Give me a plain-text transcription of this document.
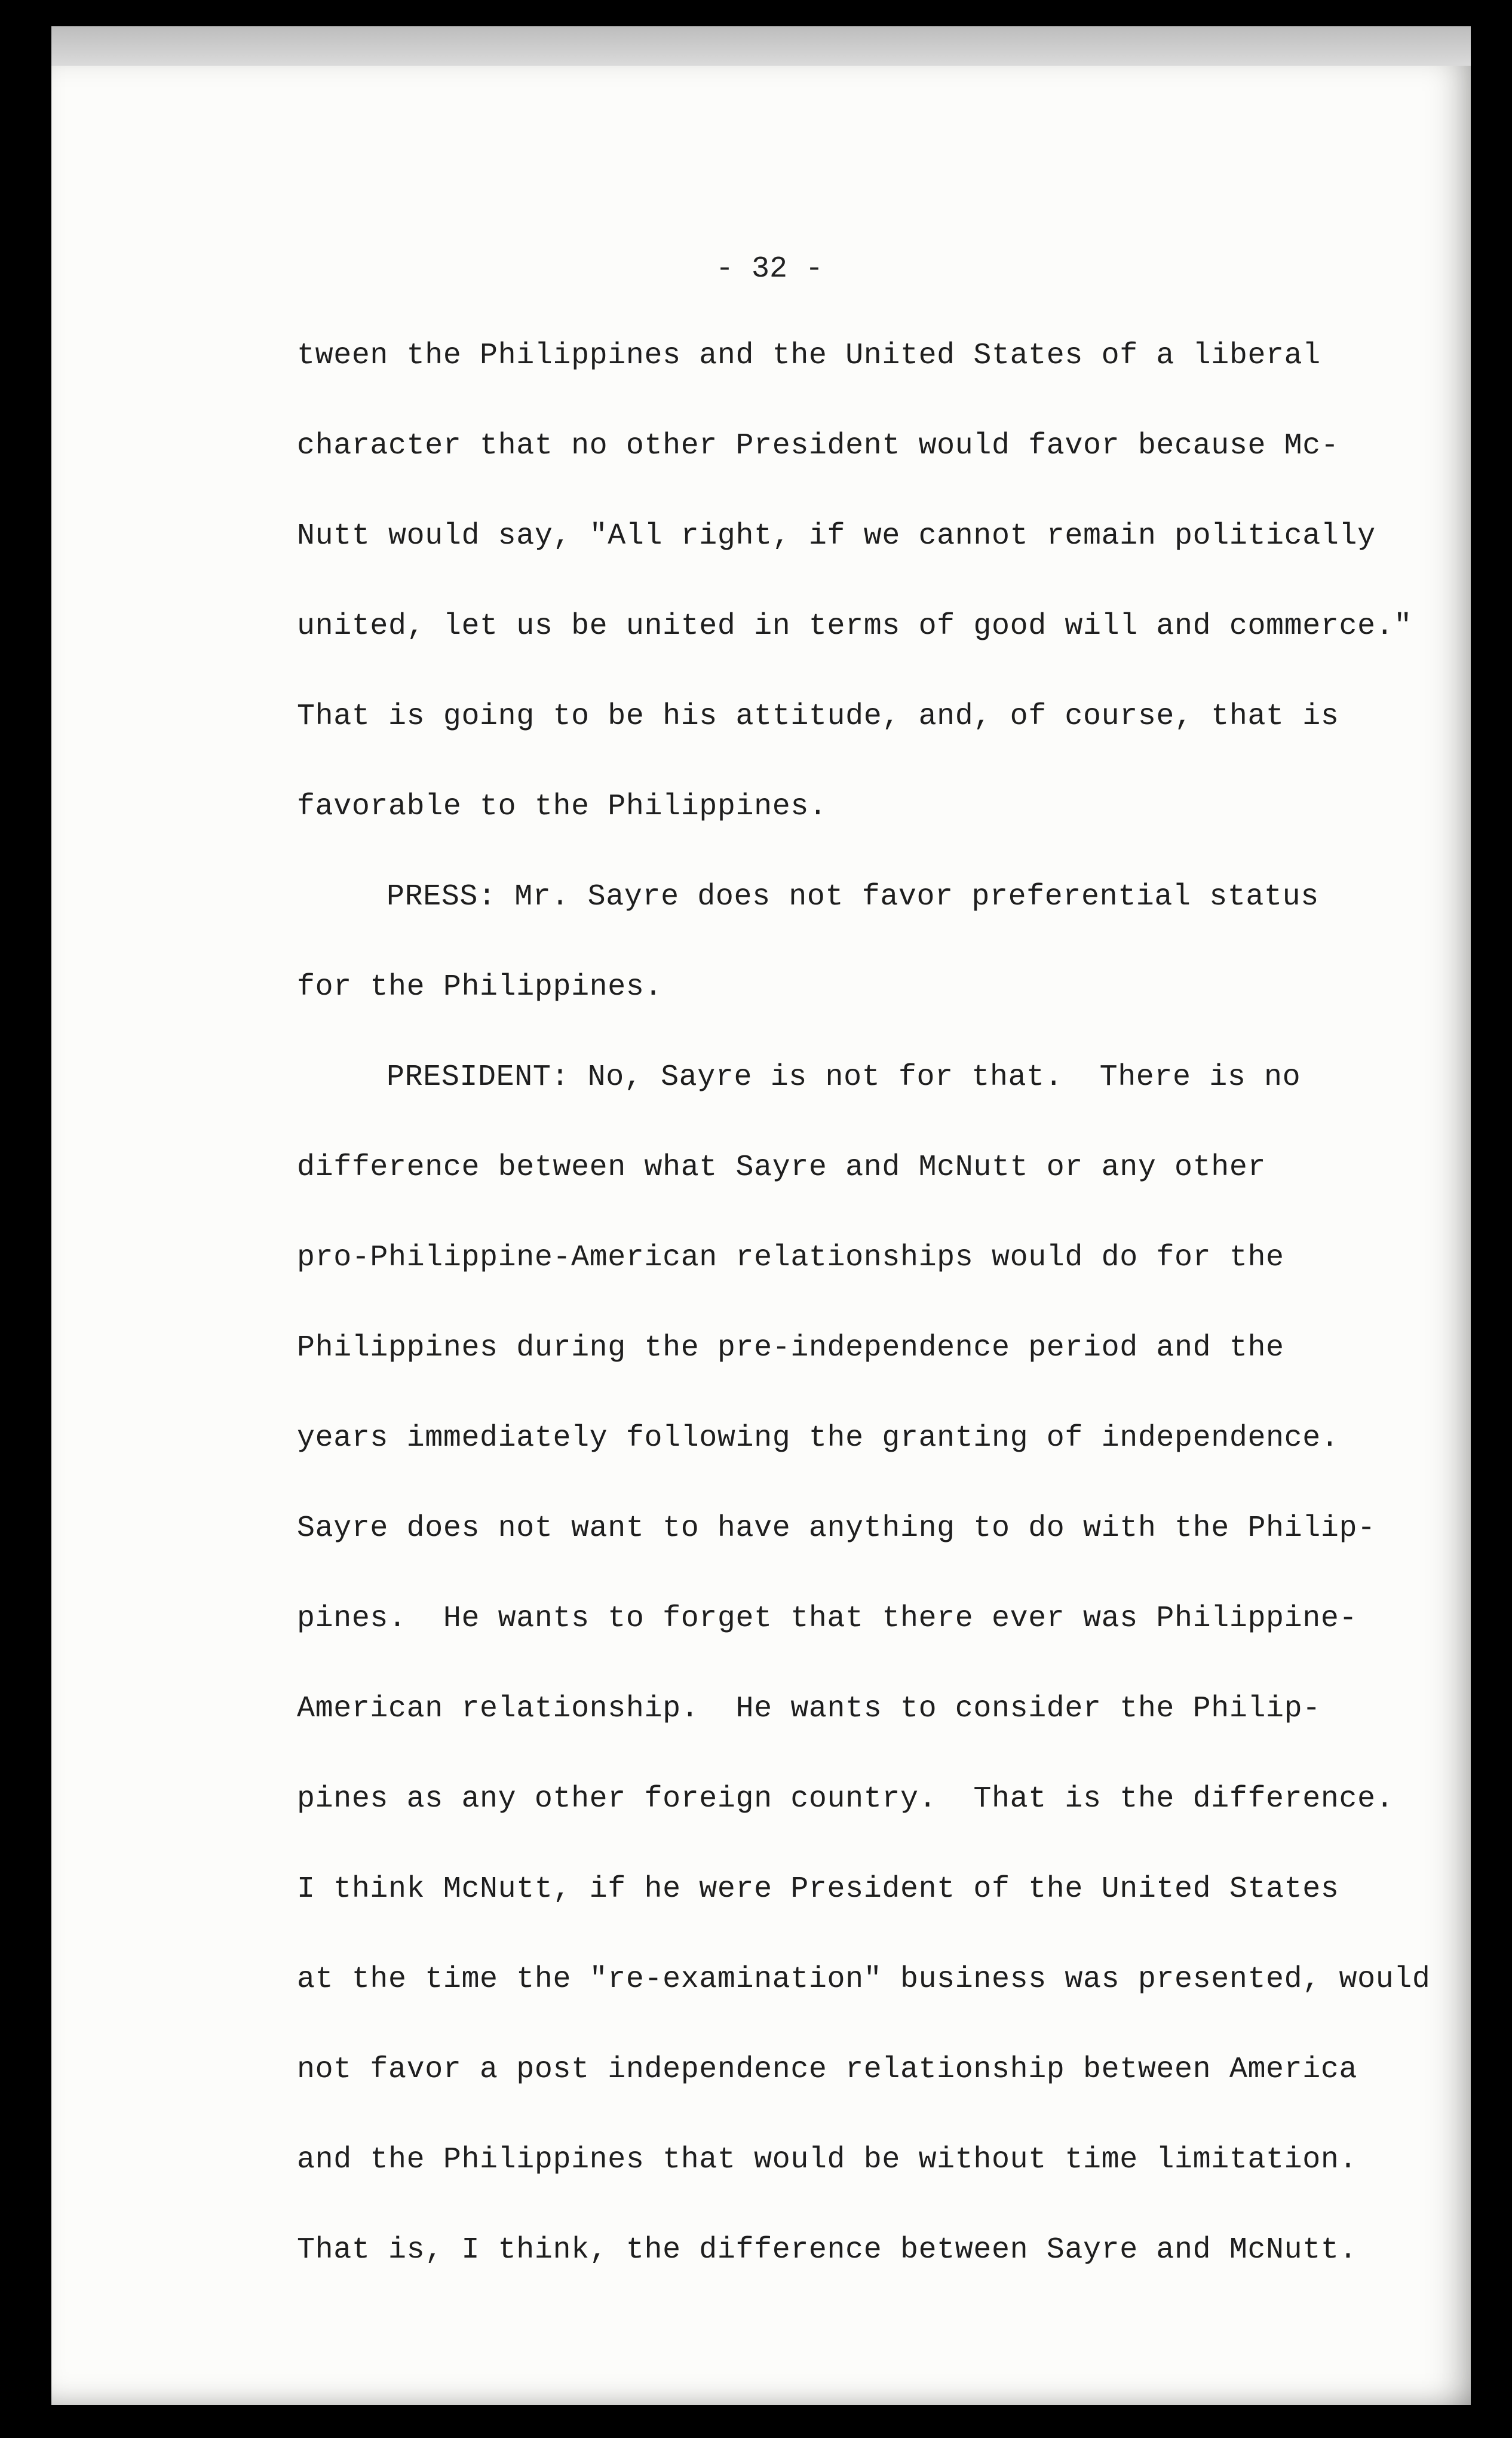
- 32 -
tween the Philippines and the United States of a liberal
character that no other President would favor because Mc-
Nutt would say, "All right, if we cannot remain politically
united, let us be united in terms of good will and commerce."
That is going to be his attitude, and, of course, that is
favorable to the Philippines.
PRESS: Mr. Sayre does not favor preferential status
for the Philippines.
PRESIDENT: No, Sayre is not for that.  There is no
difference between what Sayre and McNutt or any other
pro-Philippine-American relationships would do for the
Philippines during the pre-independence period and the
years immediately following the granting of independence.
Sayre does not want to have anything to do with the Philip-
pines.  He wants to forget that there ever was Philippine-
American relationship.  He wants to consider the Philip-
pines as any other foreign country.  That is the difference.
I think McNutt, if he were President of the United States
at the time the "re-examination" business was presented, would
not favor a post independence relationship between America
and the Philippines that would be without time limitation.
That is, I think, the difference between Sayre and McNutt.
